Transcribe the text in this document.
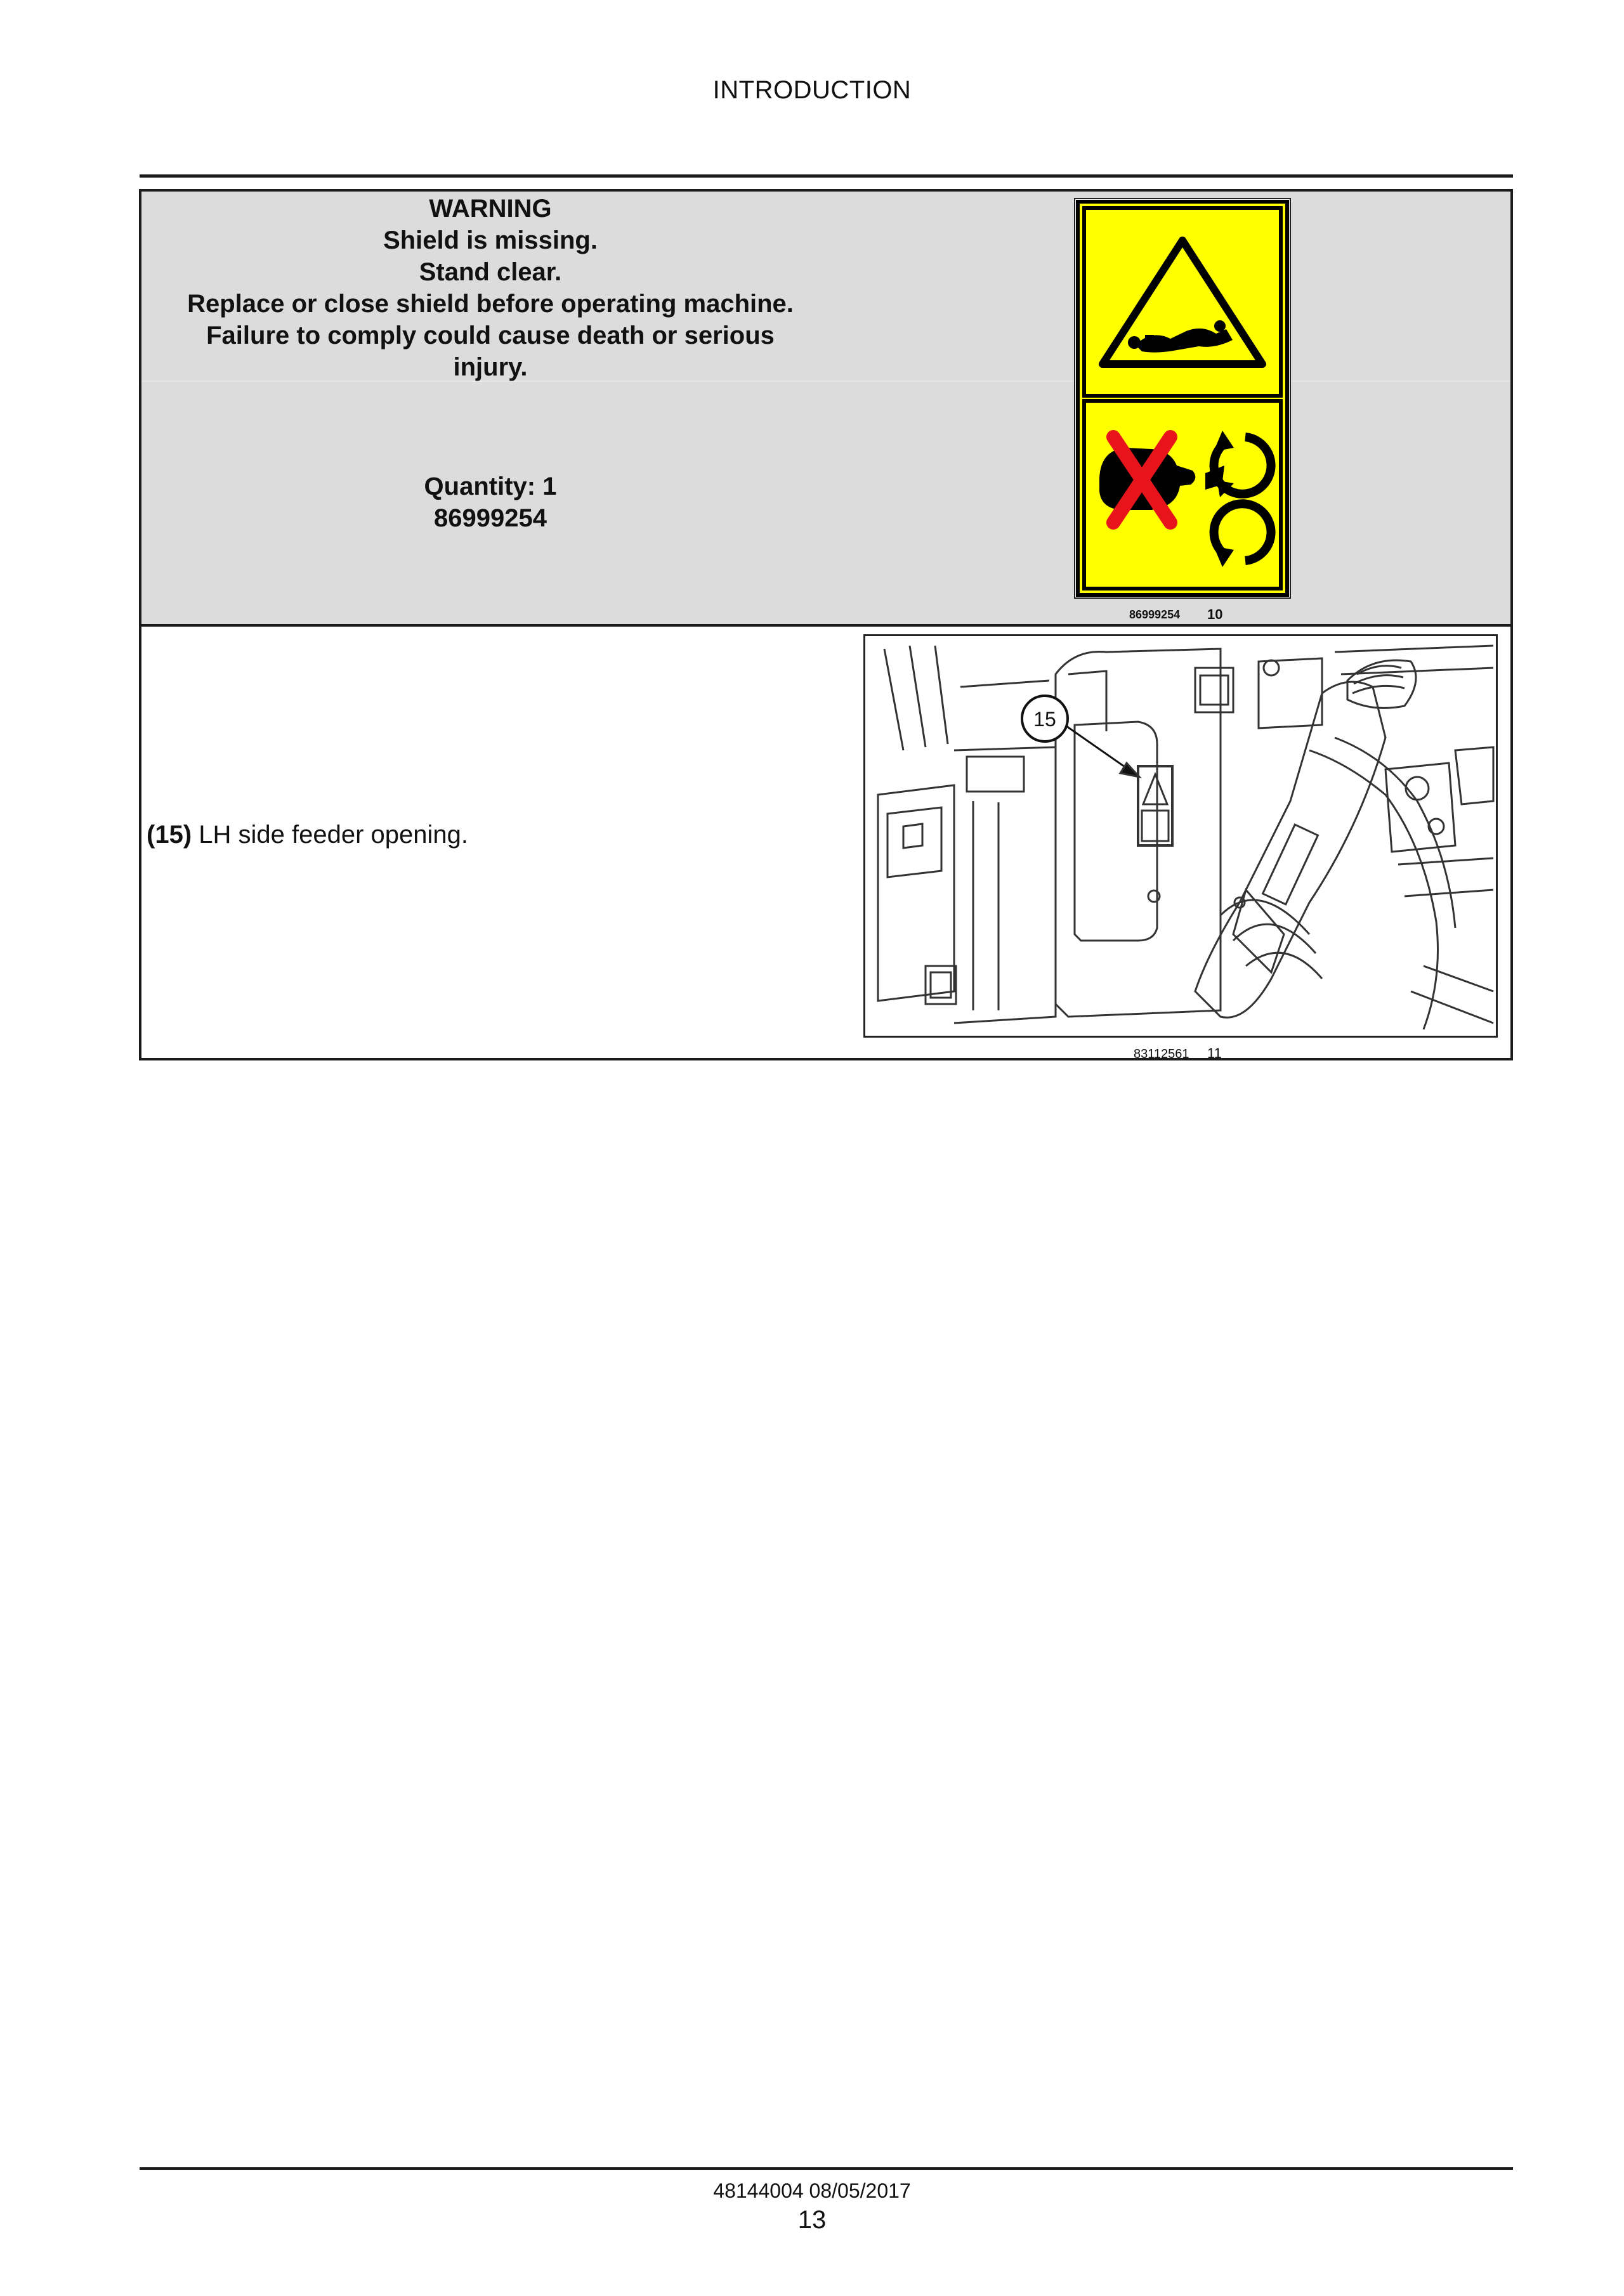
INTRODUCTION
WARNING
Shield is missing.
Stand clear.
Replace or close shield before operating machine.
Failure to comply could cause death or serious
injury.
Quantity: 1
86999254
86999254 10
(15) LH side feeder opening.
15
83112561 11
48144004 08/05/2017
13
